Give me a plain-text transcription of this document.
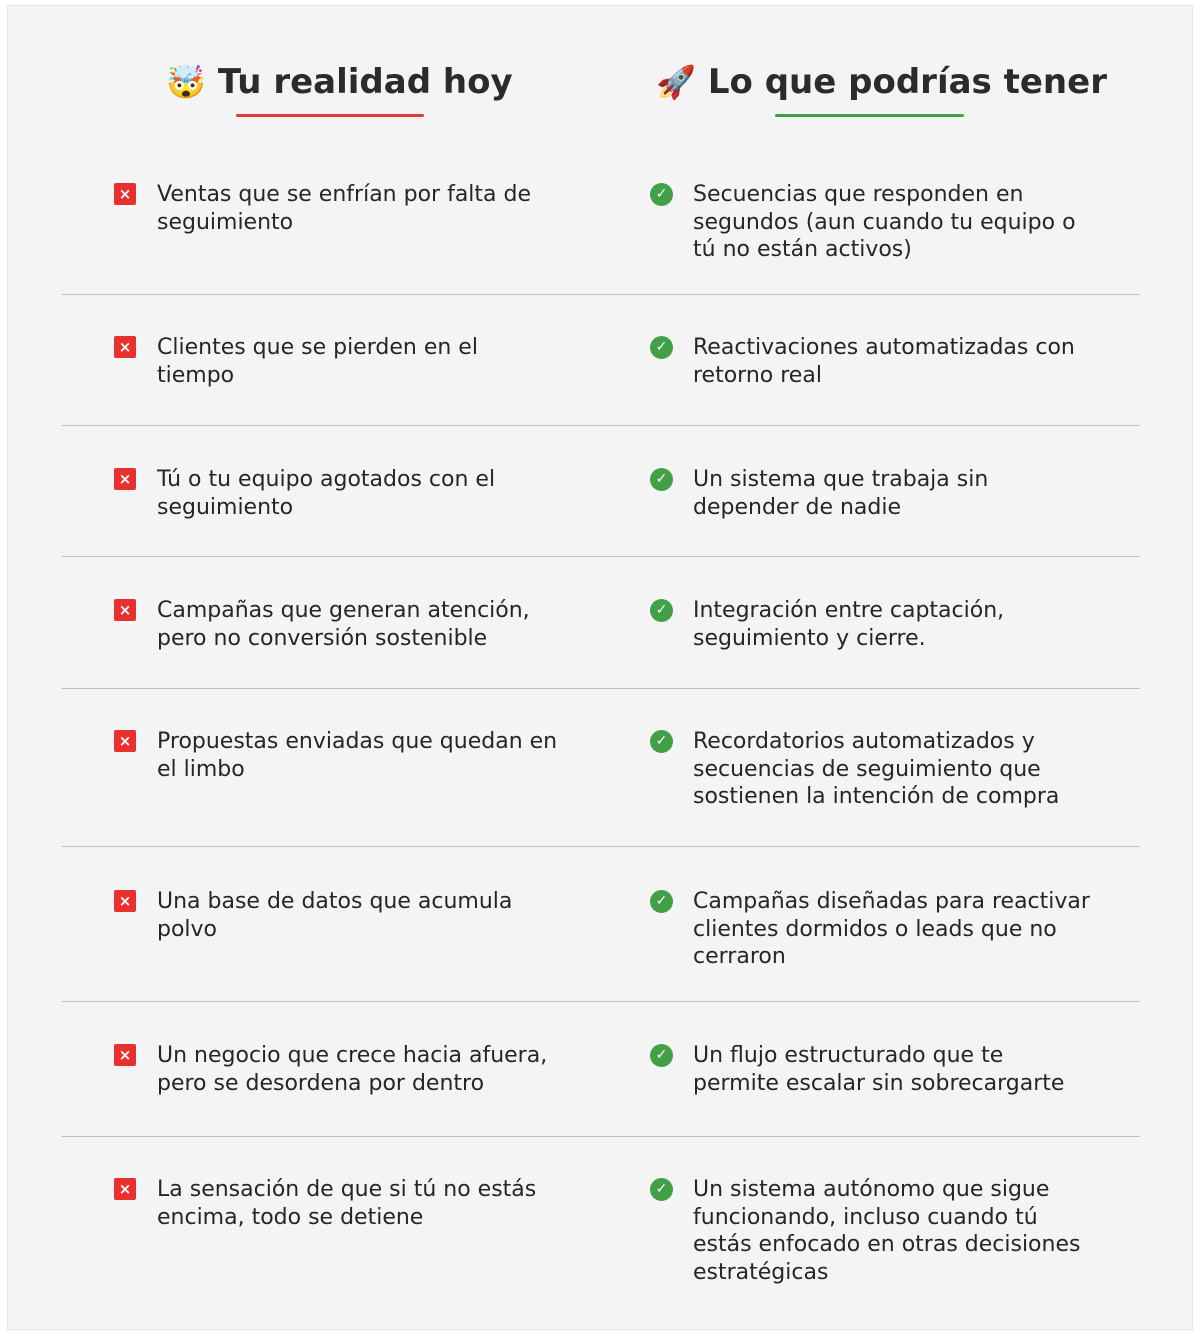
🤯 Tu realidad hoy	🚀 Lo que podrías tener
× Ventas que se enfrían por falta de
seguimiento
✓ Secuencias que responden en
segundos (aun cuando tu equipo o
tú no están activos)
× Clientes que se pierden en el
tiempo
✓ Reactivaciones automatizadas con
retorno real
× Tú o tu equipo agotados con el
seguimiento
✓ Un sistema que trabaja sin
depender de nadie
× Campañas que generan atención,
pero no conversión sostenible
✓ Integración entre captación,
seguimiento y cierre.
× Propuestas enviadas que quedan en
el limbo
✓ Recordatorios automatizados y
secuencias de seguimiento que
sostienen la intención de compra
× Una base de datos que acumula
polvo
✓ Campañas diseñadas para reactivar
clientes dormidos o leads que no
cerraron
× Un negocio que crece hacia afuera,
pero se desordena por dentro
✓ Un flujo estructurado que te
permite escalar sin sobrecargarte
× La sensación de que si tú no estás
encima, todo se detiene
✓ Un sistema autónomo que sigue
funcionando, incluso cuando tú
estás enfocado en otras decisiones
estratégicas
